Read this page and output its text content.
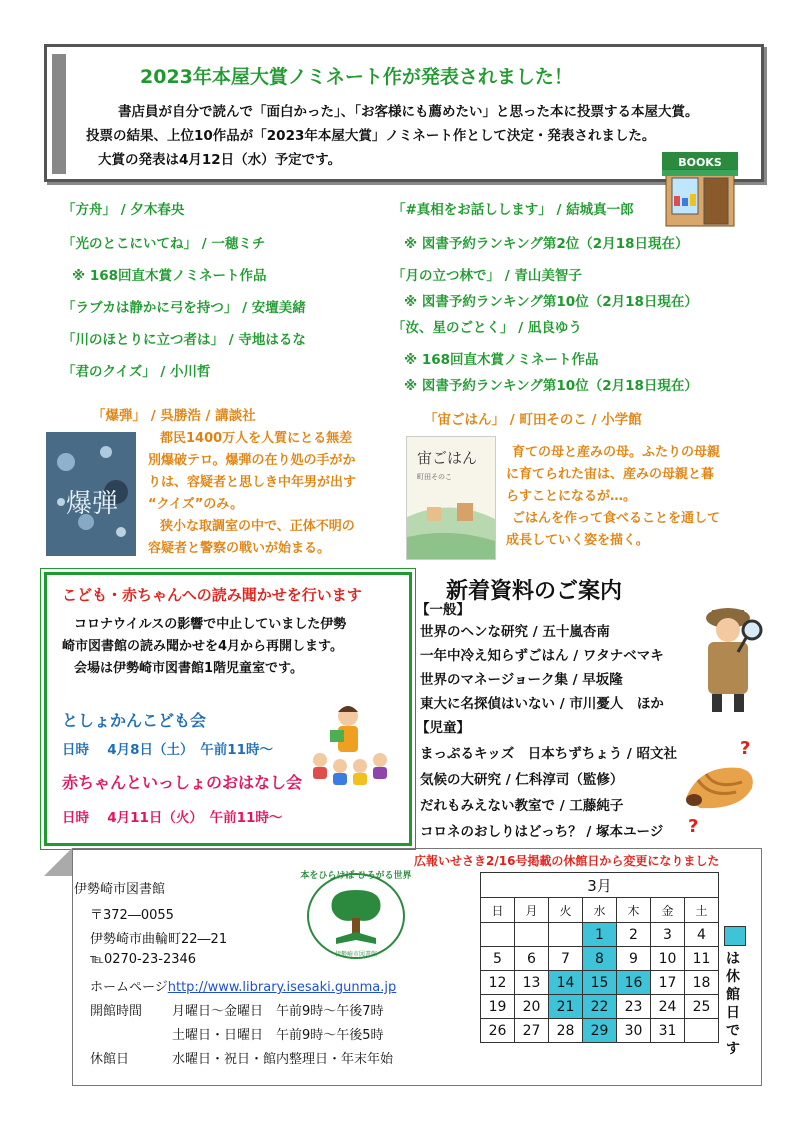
2023年本屋大賞ノミネート作が発表されました！
書店員が自分で読んで「面白かった」、「お客様にも薦めたい」と思った本に投票する本屋大賞。
投票の結果、上位10作品が「2023年本屋大賞」ノミネート作として決定・発表されました。
大賞の発表は4月12日（水）予定です。	BOOKS
「方舟」 / 夕木春央
「光のとこにいてね」 / 一穂ミチ
※ 168回直木賞ノミネート作品
「ラブカは静かに弓を持つ」 / 安壇美緒
「川のほとりに立つ者は」 / 寺地はるな
「君のクイズ」 / 小川哲
「#真相をお話しします」 / 結城真一郎
※ 図書予約ランキング第2位（2月18日現在）
「月の立つ林で」 / 青山美智子
※ 図書予約ランキング第10位（2月18日現在）
「汝、星のごとく」 / 凪良ゆう
※ 168回直木賞ノミネート作品
※ 図書予約ランキング第10位（2月18日現在）
「爆弾」 / 呉勝浩 / 講談社
爆弾
都民1400万人を人質にとる無差
別爆破テロ。爆弾の在り処の手がか
りは、容疑者と思しき中年男が出す
“クイズ”のみ。
狭小な取調室の中で、正体不明の
容疑者と警察の戦いが始まる。
「宙ごはん」 / 町田そのこ / 小学館
宙ごはん
町田そのこ
育ての母と産みの母。ふたりの母親
に育てられた宙は、産みの母親と暮
らすことになるが…。
ごはんを作って食べることを通して
成長していく姿を描く。
こども・赤ちゃんへの読み聞かせを行います
コロナウイルスの影響で中止していました伊勢
崎市図書館の読み聞かせを4月から再開します。
会場は伊勢崎市図書館1階児童室です。
としょかんこども会
日時　 4月8日（土）　午前11時～
赤ちゃんといっしょのおはなし会
日時　 4月11日（火）　午前11時～
新着資料のご案内
【一般】
世界のヘンな研究 / 五十嵐杏南
一年中冷え知らずごはん / ワタナベマキ
世界のマネージョーク集 / 早坂隆
東大に名探偵はいない / 市川憂人　ほか
【児童】
まっぷるキッズ　日本ちずちょう / 昭文社
気候の大研究 / 仁科淳司（監修）
だれもみえない教室で / 工藤純子
コロネのおしりはどっち？ / 塚本ユージ
?
?
伊勢崎市図書館
〒372―0055
伊勢崎市曲輪町22―21
℡0270-23-2346
ホームページhttp://www.library.isesaki.gunma.jp
開館時間 月曜日～金曜日　午前9時～午後7時
土曜日・日曜日　午前9時～午後5時
休館日	水曜日・祝日・館内整理日・年末年始
本をひらけば ひろがる世界
伊勢崎市図書館
広報いせさき2/16号掲載の休館日から変更になりました
3月						
日	月	火	水	木	金	土
			1	2	3	4
5	6	7	8	9	10	11
12	13	14	15	16	17	18
19	20	21	22	23	24	25
26	27	28	29	30	31	
は休館日です
